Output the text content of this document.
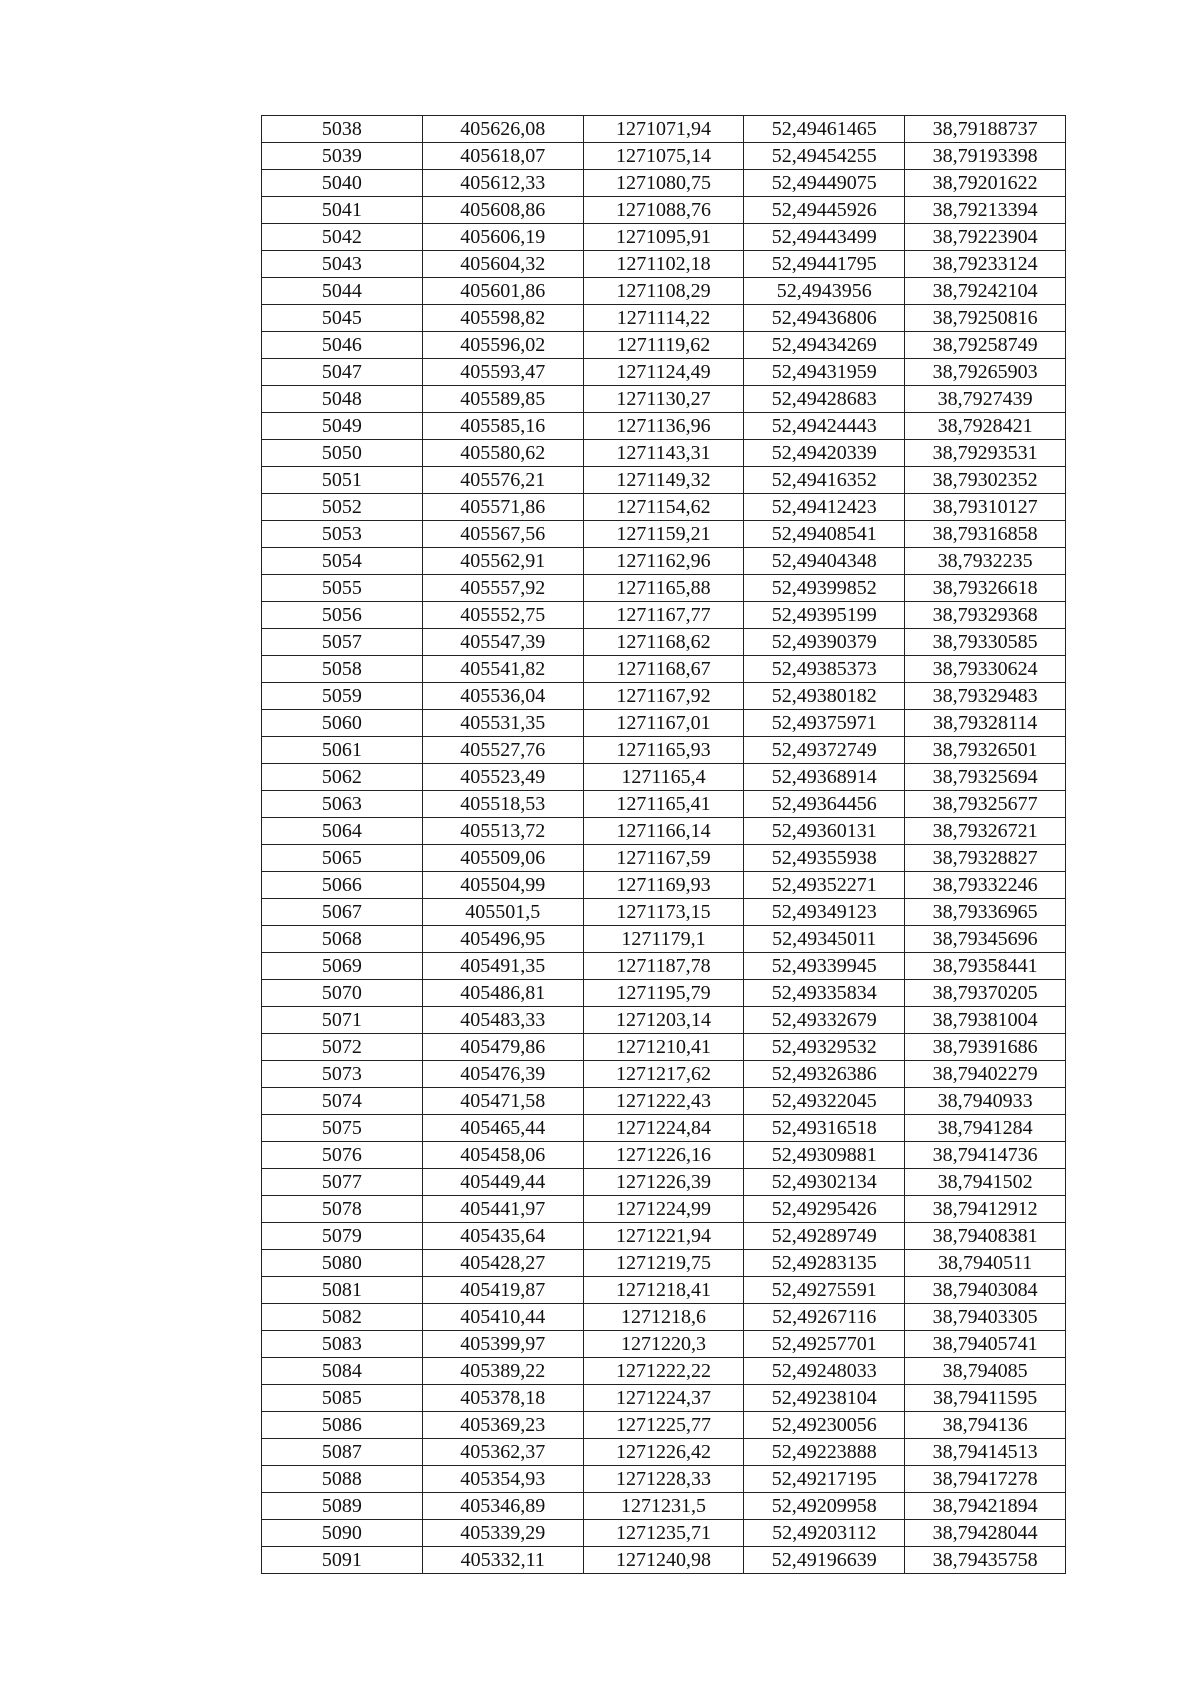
5038	405626,08	1271071,94	52,49461465	38,79188737
5039	405618,07	1271075,14	52,49454255	38,79193398
5040	405612,33	1271080,75	52,49449075	38,79201622
5041	405608,86	1271088,76	52,49445926	38,79213394
5042	405606,19	1271095,91	52,49443499	38,79223904
5043	405604,32	1271102,18	52,49441795	38,79233124
5044	405601,86	1271108,29	52,4943956	38,79242104
5045	405598,82	1271114,22	52,49436806	38,79250816
5046	405596,02	1271119,62	52,49434269	38,79258749
5047	405593,47	1271124,49	52,49431959	38,79265903
5048	405589,85	1271130,27	52,49428683	38,7927439
5049	405585,16	1271136,96	52,49424443	38,7928421
5050	405580,62	1271143,31	52,49420339	38,79293531
5051	405576,21	1271149,32	52,49416352	38,79302352
5052	405571,86	1271154,62	52,49412423	38,79310127
5053	405567,56	1271159,21	52,49408541	38,79316858
5054	405562,91	1271162,96	52,49404348	38,7932235
5055	405557,92	1271165,88	52,49399852	38,79326618
5056	405552,75	1271167,77	52,49395199	38,79329368
5057	405547,39	1271168,62	52,49390379	38,79330585
5058	405541,82	1271168,67	52,49385373	38,79330624
5059	405536,04	1271167,92	52,49380182	38,79329483
5060	405531,35	1271167,01	52,49375971	38,79328114
5061	405527,76	1271165,93	52,49372749	38,79326501
5062	405523,49	1271165,4	52,49368914	38,79325694
5063	405518,53	1271165,41	52,49364456	38,79325677
5064	405513,72	1271166,14	52,49360131	38,79326721
5065	405509,06	1271167,59	52,49355938	38,79328827
5066	405504,99	1271169,93	52,49352271	38,79332246
5067	405501,5	1271173,15	52,49349123	38,79336965
5068	405496,95	1271179,1	52,49345011	38,79345696
5069	405491,35	1271187,78	52,49339945	38,79358441
5070	405486,81	1271195,79	52,49335834	38,79370205
5071	405483,33	1271203,14	52,49332679	38,79381004
5072	405479,86	1271210,41	52,49329532	38,79391686
5073	405476,39	1271217,62	52,49326386	38,79402279
5074	405471,58	1271222,43	52,49322045	38,7940933
5075	405465,44	1271224,84	52,49316518	38,7941284
5076	405458,06	1271226,16	52,49309881	38,79414736
5077	405449,44	1271226,39	52,49302134	38,7941502
5078	405441,97	1271224,99	52,49295426	38,79412912
5079	405435,64	1271221,94	52,49289749	38,79408381
5080	405428,27	1271219,75	52,49283135	38,7940511
5081	405419,87	1271218,41	52,49275591	38,79403084
5082	405410,44	1271218,6	52,49267116	38,79403305
5083	405399,97	1271220,3	52,49257701	38,79405741
5084	405389,22	1271222,22	52,49248033	38,794085
5085	405378,18	1271224,37	52,49238104	38,79411595
5086	405369,23	1271225,77	52,49230056	38,794136
5087	405362,37	1271226,42	52,49223888	38,79414513
5088	405354,93	1271228,33	52,49217195	38,79417278
5089	405346,89	1271231,5	52,49209958	38,79421894
5090	405339,29	1271235,71	52,49203112	38,79428044
5091	405332,11	1271240,98	52,49196639	38,79435758
